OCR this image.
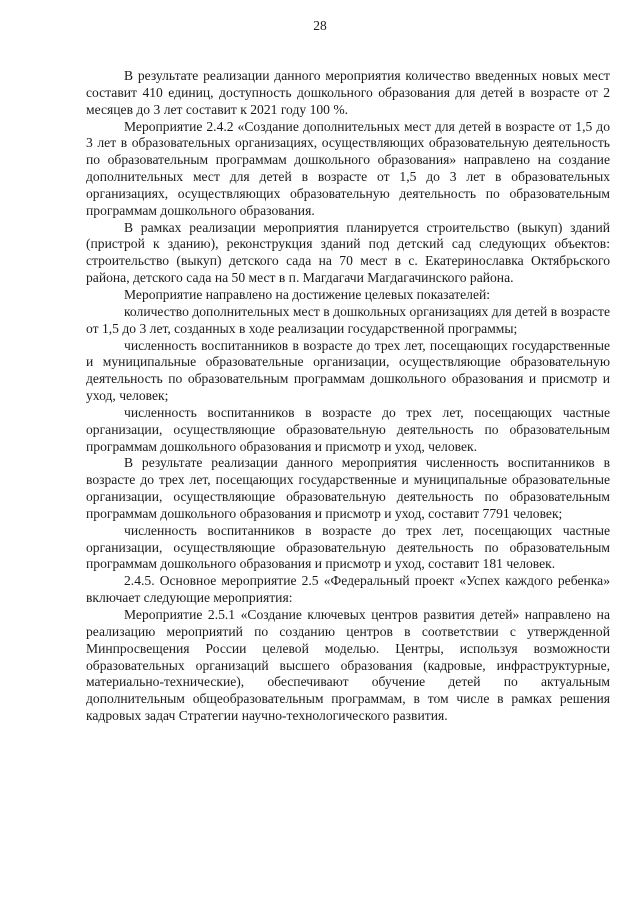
28

В результате реализации данного мероприятия количество введенных новых мест составит 410 единиц, доступность дошкольного образования для детей в возрасте от 2 месяцев до 3 лет составит к 2021 году 100 %.

Мероприятие 2.4.2 «Создание дополнительных мест для детей в возрасте от 1,5 до 3 лет в образовательных организациях, осуществляющих образовательную деятельность по образовательным программам дошкольного образования» направлено на создание дополнительных мест для детей в возрасте от 1,5 до 3 лет в образовательных организациях, осуществляющих образовательную деятельность по образовательным программам дошкольного образования.

В рамках реализации мероприятия планируется строительство (выкуп) зданий (пристрой к зданию), реконструкция зданий под детский сад следующих объектов: строительство (выкуп) детского сада на 70 мест в с. Екатеринославка Октябрьского района, детского сада на 50 мест в п. Магдагачи Магдагачинского района.

Мероприятие направлено на достижение целевых показателей:

количество дополнительных мест в дошкольных организациях для детей в возрасте от 1,5 до 3 лет, созданных в ходе реализации государственной программы;

численность воспитанников в возрасте до трех лет, посещающих государственные и муниципальные образовательные организации, осуществляющие образовательную деятельность по образовательным программам дошкольного образования и присмотр и уход, человек;

численность воспитанников в возрасте до трех лет, посещающих частные организации, осуществляющие образовательную деятельность по образовательным программам дошкольного образования и присмотр и уход, человек.

В результате реализации данного мероприятия численность воспитанников в возрасте до трех лет, посещающих государственные и муниципальные образовательные организации, осуществляющие образовательную деятельность по образовательным программам дошкольного образования и присмотр и уход, составит 7791 человек;

численность воспитанников в возрасте до трех лет, посещающих частные организации, осуществляющие образовательную деятельность по образовательным программам дошкольного образования и присмотр и уход, составит 181 человек.

2.4.5. Основное мероприятие 2.5 «Федеральный проект «Успех каждого ребенка» включает следующие мероприятия:

Мероприятие 2.5.1 «Создание ключевых центров развития детей» направлено на реализацию мероприятий по созданию центров в соответствии с утвержденной Минпросвещения России целевой моделью. Центры, используя возможности образовательных организаций высшего образования (кадровые, инфраструктурные, материально-технические), обеспечивают обучение детей по актуальным дополнительным общеобразовательным программам, в том числе в рамках решения кадровых задач Стратегии научно-технологического развития.
